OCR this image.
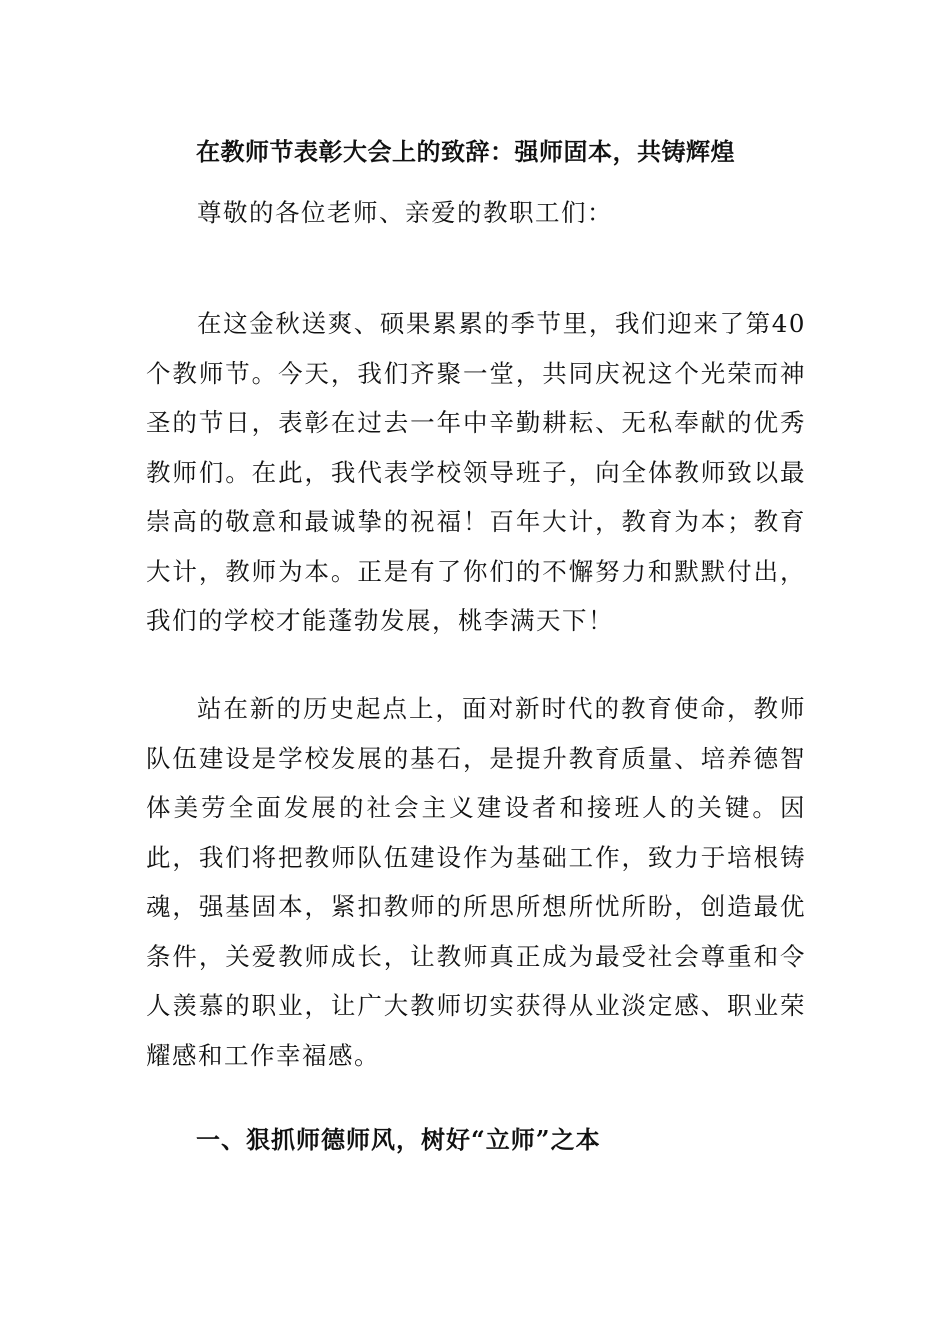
在教师节表彰大会上的致辞：强师固本，共铸辉煌

尊敬的各位老师、亲爱的教职工们：

在这金秋送爽、硕果累累的季节里，我们迎来了第40个教师节。今天，我们齐聚一堂，共同庆祝这个光荣而神圣的节日，表彰在过去一年中辛勤耕耘、无私奉献的优秀教师们。在此，我代表学校领导班子，向全体教师致以最崇高的敬意和最诚挚的祝福！百年大计，教育为本；教育大计，教师为本。正是有了你们的不懈努力和默默付出，我们的学校才能蓬勃发展，桃李满天下！

站在新的历史起点上，面对新时代的教育使命，教师队伍建设是学校发展的基石，是提升教育质量、培养德智体美劳全面发展的社会主义建设者和接班人的关键。因此，我们将把教师队伍建设作为基础工作，致力于培根铸魂，强基固本，紧扣教师的所思所想所忧所盼，创造最优条件，关爱教师成长，让教师真正成为最受社会尊重和令人羡慕的职业，让广大教师切实获得从业淡定感、职业荣耀感和工作幸福感。

一、狠抓师德师风，树好“立师”之本
